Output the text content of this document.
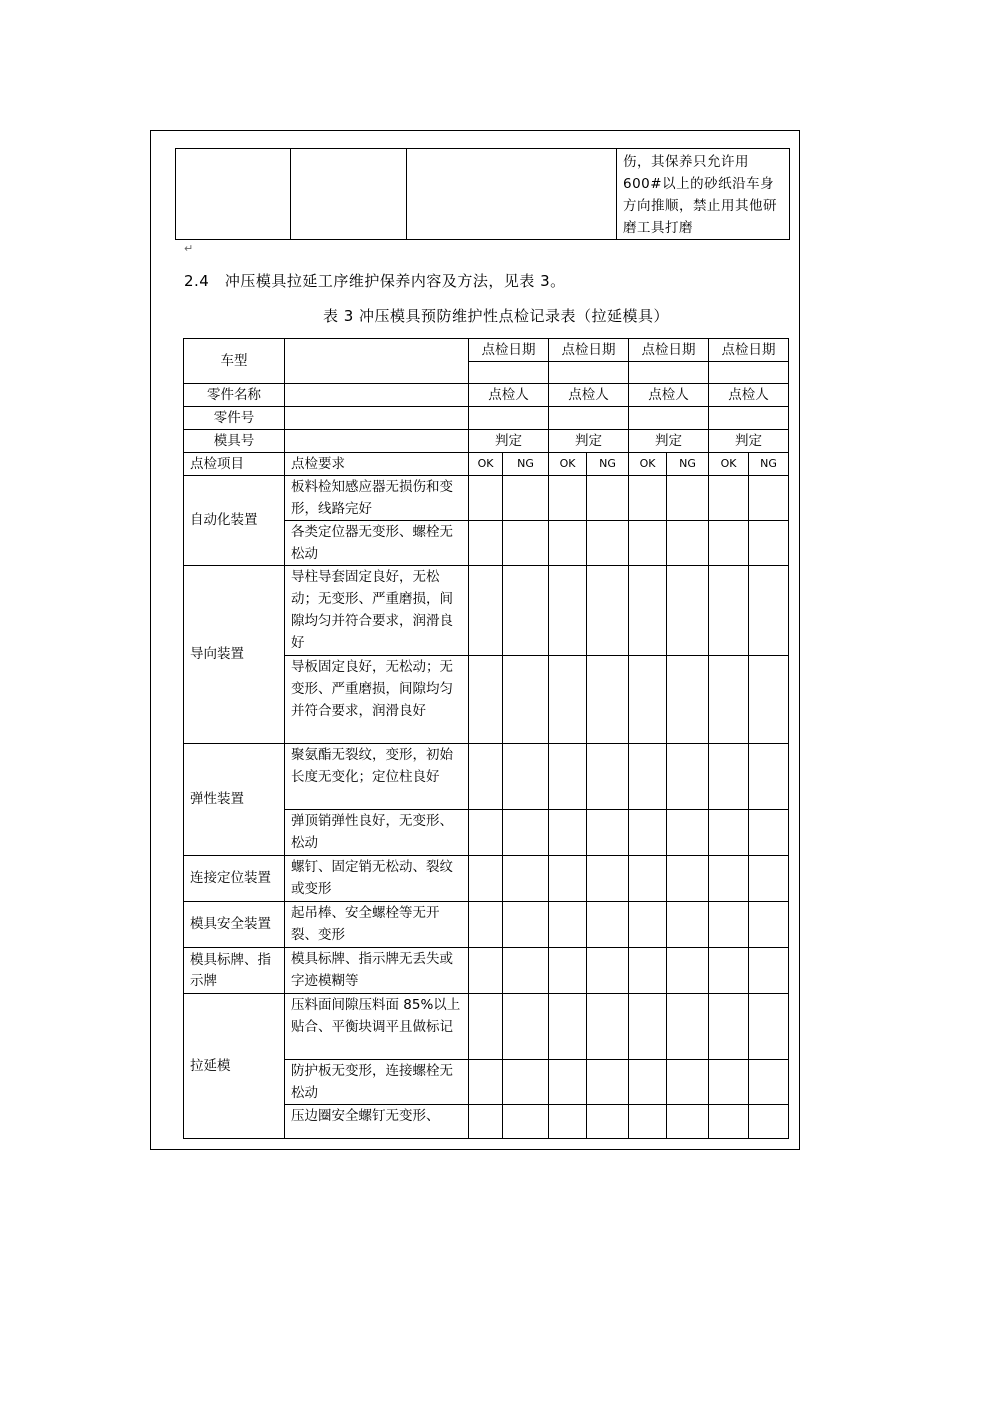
伤，其保养只允许用600#以上的砂纸沿车身方向推顺，禁止用其他研磨工具打磨
↵
2.4　冲压模具拉延工序维护保养内容及方法，见表 3。
表 3 冲压模具预防维护性点检记录表（拉延模具）
车型		点检日期		点检日期		点检日期		点检日期	

零件名称		点检人		点检人		点检人		点检人	
零件号									
模具号		判定		判定		判定		判定	
点检项目	点检要求	OK	NG	OK	NG	OK	NG	OK	NG
自动化装置	板料检知感应器无损伤和变形，线路完好								
	各类定位器无变形、螺栓无松动								
导向装置	导柱导套固定良好，无松动；无变形、严重磨损，间隙均匀并符合要求，润滑良好								
	导板固定良好，无松动；无变形、严重磨损，间隙均匀并符合要求，润滑良好								
弹性装置	聚氨酯无裂纹，变形，初始长度无变化；定位柱良好								
	弹顶销弹性良好，无变形、松动								
连接定位装置	螺钉、固定销无松动、裂纹或变形								
模具安全装置	起吊棒、安全螺栓等无开裂、变形								
模具标牌、指示牌	模具标牌、指示牌无丢失或字迹模糊等								
拉延模	压料面间隙压料面 85%以上贴合、平衡块调平且做标记								
	防护板无变形，连接螺栓无松动								
	压边圈安全螺钉无变形、								
